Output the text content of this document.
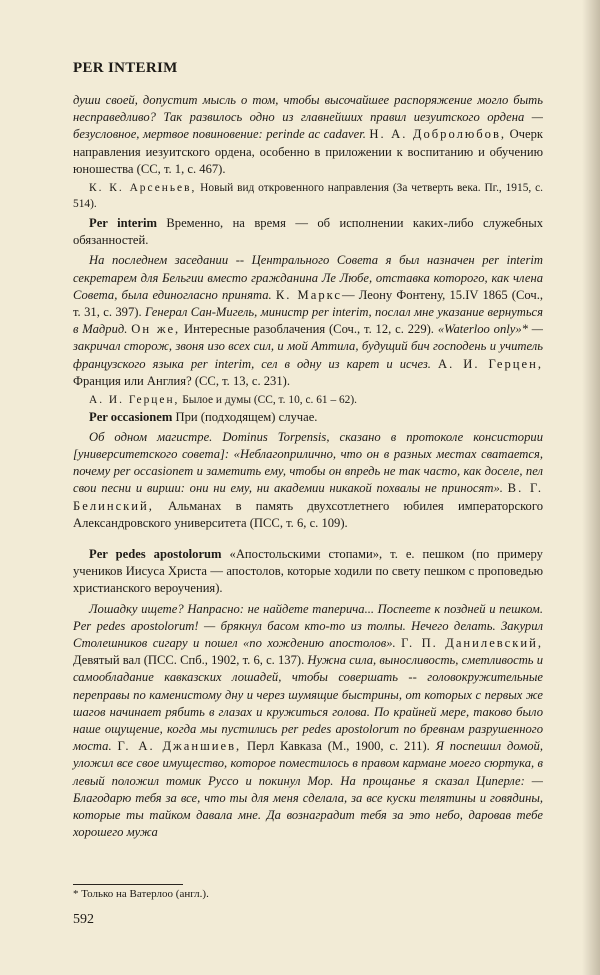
PER INTERIM

души своей, допустит мысль о том, чтобы высочайшее распоряжение могло быть несправедливо? Так развилось одно из главнейших правил иезуитского ордена — безусловное, мертвое повиновение: perinde ac cadaver. Н. А. Добролюбов, Очерк направления иезуитского ордена, особенно в приложении к воспитанию и обучению юношества (СС, т. 1, с. 467).

К. К. Арсеньев, Новый вид откровенного направления (За четверть века. Пг., 1915, с. 514).

Per interim Временно, на время — об исполнении каких-либо служебных обязанностей.

На последнем заседании -- Центрального Совета я был назначен per interim секретарем для Бельгии вместо гражданина Ле Любе, отставка которого, как члена Совета, была единогласно принята. К. Маркс— Леону Фонтену, 15.IV 1865 (Соч., т. 31, с. 397). Генерал Сан-Мигель, министр per interim, послал мне указание вернуться в Мадрид. Он же, Интересные разоблачения (Соч., т. 12, с. 229). «Waterloo only»* — закричал сторож, звоня изо всех сил, и мой Аттила, будущий бич господень и учитель французского языка per interim, сел в одну из карет и исчез. А. И. Герцен, Франция или Англия? (СС, т. 13, с. 231).

А. И. Герцен, Былое и думы (СС, т. 10, с. 61 – 62).

Per occasionem При (подходящем) случае.

Об одном магистре. Dominus Torpensis, сказано в протоколе консистории [университетского совета]: «Неблагоприлично, что он в разных местах сватается, почему per occasionem и заметить ему, чтобы он впредь не так часто, как доселе, пел свои песни и вирши: они ни ему, ни академии никакой похвалы не приносят». В. Г. Белинский, Альманах в память двухсотлетнего юбилея императорского Александровского университета (ПСС, т. 6, с. 109).

Per pedes apostolorum «Апостольскими стопами», т. е. пешком (по примеру учеников Иисуса Христа — апостолов, которые ходили по свету пешком с проповедью христианского вероучения).

Лошадку ищете? Напрасно: не найдете таперича... Поспеете к поздней и пешком. Per pedes apostolorum! — брякнул басом кто-то из толпы. Нечего делать. Закурил Столешников сигару и пошел «по хождению апостолов». Г. П. Данилевский, Девятый вал (ПСС. Спб., 1902, т. 6, с. 137). Нужна сила, выносливость, сметливость и самообладание кавказских лошадей, чтобы совершать -- головокружительные переправы по каменистому дну и через шумящие быстрины, от которых с первых же шагов начинает рябить в глазах и кружиться голова. По крайней мере, таково было наше ощущение, когда мы пустились per pedes apostolorum по бревнам разрушенного моста. Г. А. Джаншиев, Перл Кавказа (М., 1900, с. 211). Я поспешил домой, уложил все свое имущество, которое поместилось в правом кармане моего сюртука, в левый положил томик Руссо и покинул Мор. На прощанье я сказал Циперле: — Благодарю тебя за все, что ты для меня сделала, за все куски телятины и говядины, которые ты тайком давала мне. Да вознаградит тебя за это небо, даровав тебе хорошего мужа

* Только на Ватерлоо (англ.).
592
